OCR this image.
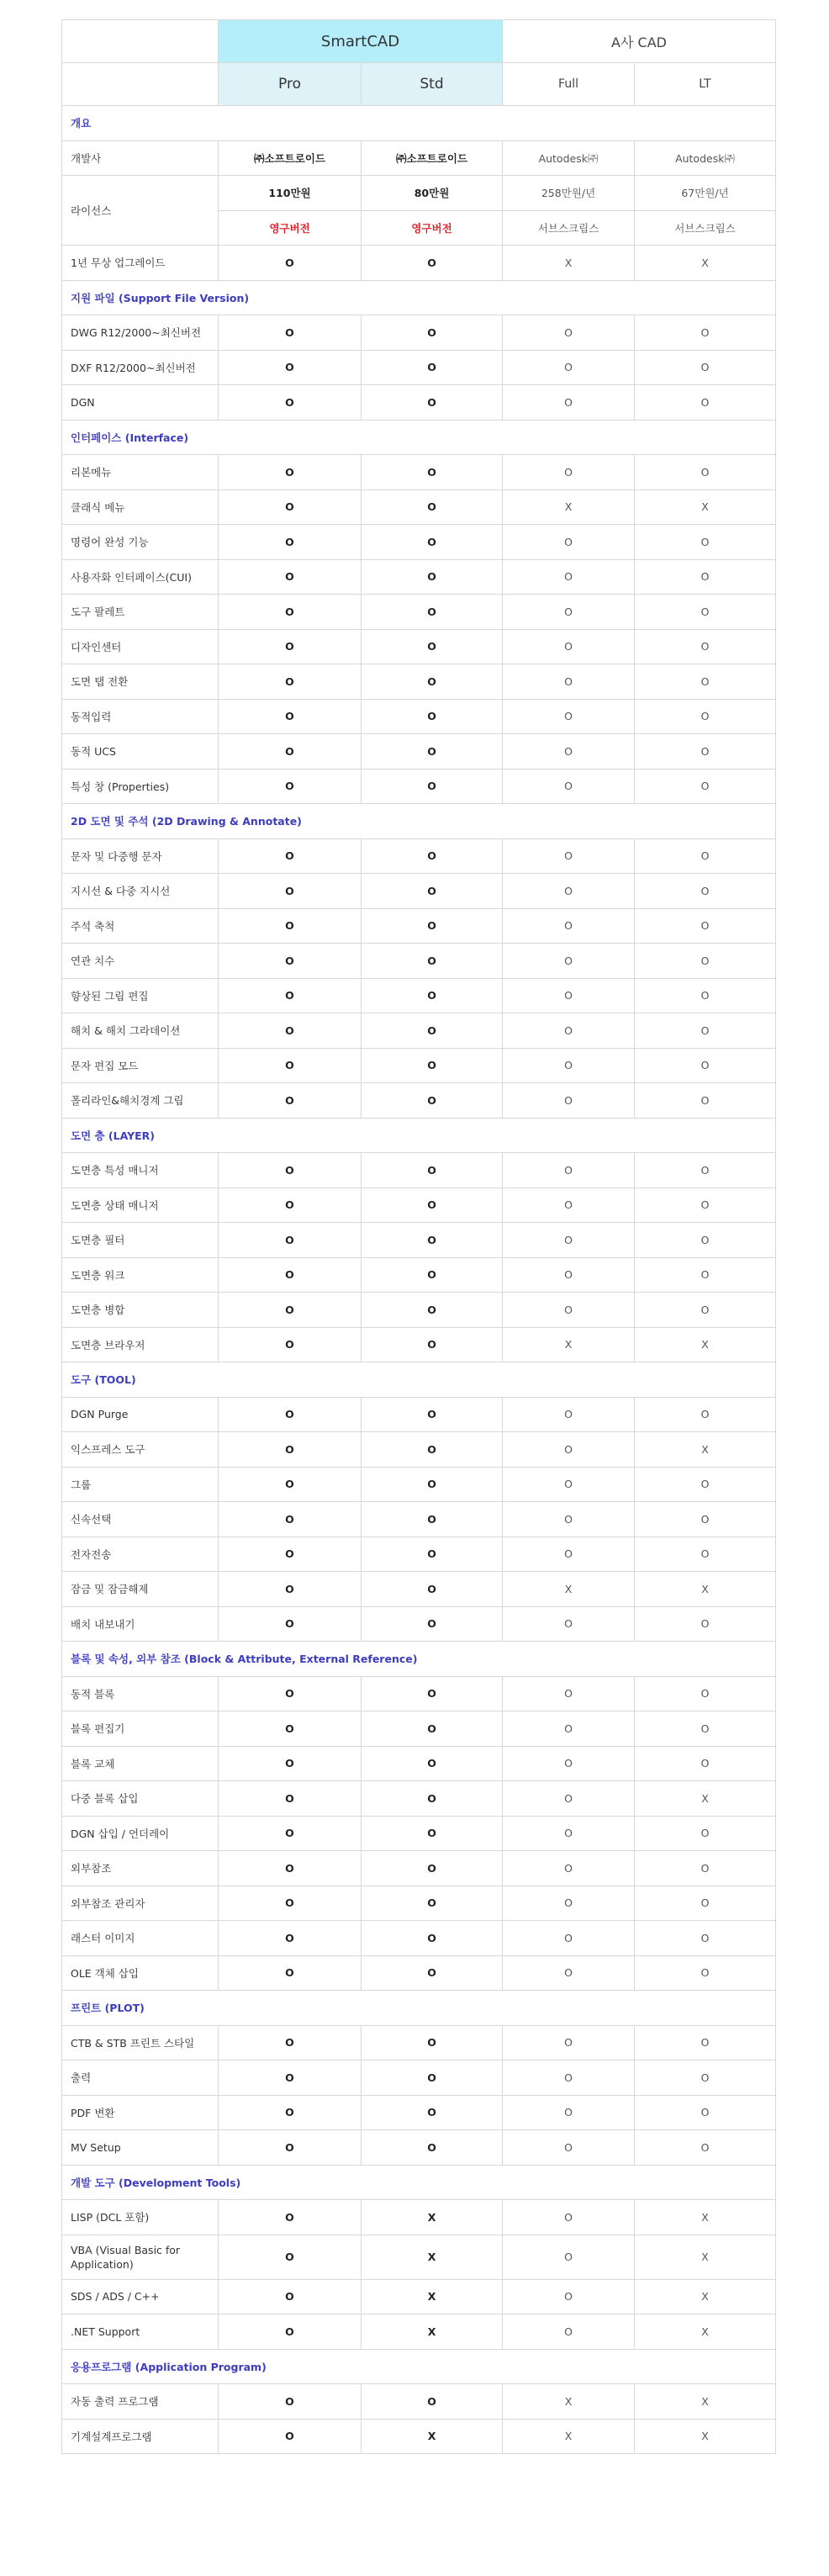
	SmartCAD		A사 CAD	
	Pro	Std	Full	LT
개요				
개발사	㈜소프트로이드	㈜소프트로이드	Autodesk㈜	Autodesk㈜
라이선스	110만원	80만원	258만원/년	67만원/년
	영구버전	영구버전	서브스크립스	서브스크립스
1년 무상 업그레이드	O	O	X	X
지원 파일 (Support File Version)				
DWG R12/2000~최신버전	O	O	O	O
DXF R12/2000~최신버전	O	O	O	O
DGN	O	O	O	O
인터페이스 (Interface)				
리본메뉴	O	O	O	O
클래식 메뉴	O	O	X	X
명령어 완성 기능	O	O	O	O
사용자화 인터페이스(CUI)	O	O	O	O
도구 팔레트	O	O	O	O
디자인센터	O	O	O	O
도면 탭 전환	O	O	O	O
동적입력	O	O	O	O
동적 UCS	O	O	O	O
특성 창 (Properties)	O	O	O	O
2D 도면 및 주석 (2D Drawing & Annotate)				
문자 및 다중행 문자	O	O	O	O
지시선 & 다중 지시선	O	O	O	O
주석 축척	O	O	O	O
연관 치수	O	O	O	O
향상된 그립 편집	O	O	O	O
해치 & 해치 그라데이션	O	O	O	O
문자 편집 모드	O	O	O	O
폴리라인&해치경계 그립	O	O	O	O
도면 층 (LAYER)				
도면층 특성 매니저	O	O	O	O
도면층 상태 매니저	O	O	O	O
도면층 필터	O	O	O	O
도면층 워크	O	O	O	O
도면층 병합	O	O	O	O
도면층 브라우저	O	O	X	X
도구 (TOOL)				
DGN Purge	O	O	O	O
익스프레스 도구	O	O	O	X
그룹	O	O	O	O
신속선택	O	O	O	O
전자전송	O	O	O	O
잠금 및 잠금해제	O	O	X	X
배치 내보내기	O	O	O	O
블록 및 속성, 외부 참조 (Block & Attribute, External Reference)				
동적 블록	O	O	O	O
블록 편집기	O	O	O	O
블록 교체	O	O	O	O
다중 블록 삽입	O	O	O	X
DGN 삽입 / 언더레이	O	O	O	O
외부참조	O	O	O	O
외부참조 관리자	O	O	O	O
래스터 이미지	O	O	O	O
OLE 객체 삽입	O	O	O	O
프린트 (PLOT)				
CTB & STB 프린트 스타일	O	O	O	O
출력	O	O	O	O
PDF 변환	O	O	O	O
MV Setup	O	O	O	O
개발 도구 (Development Tools)				
LISP (DCL 포함)	O	X	O	X
VBA (Visual Basic for Application)	O	X	O	X
SDS / ADS / C++	O	X	O	X
.NET Support	O	X	O	X
응용프로그램 (Application Program)				
자동 출력 프로그램	O	O	X	X
기계설계프로그램	O	X	X	X
